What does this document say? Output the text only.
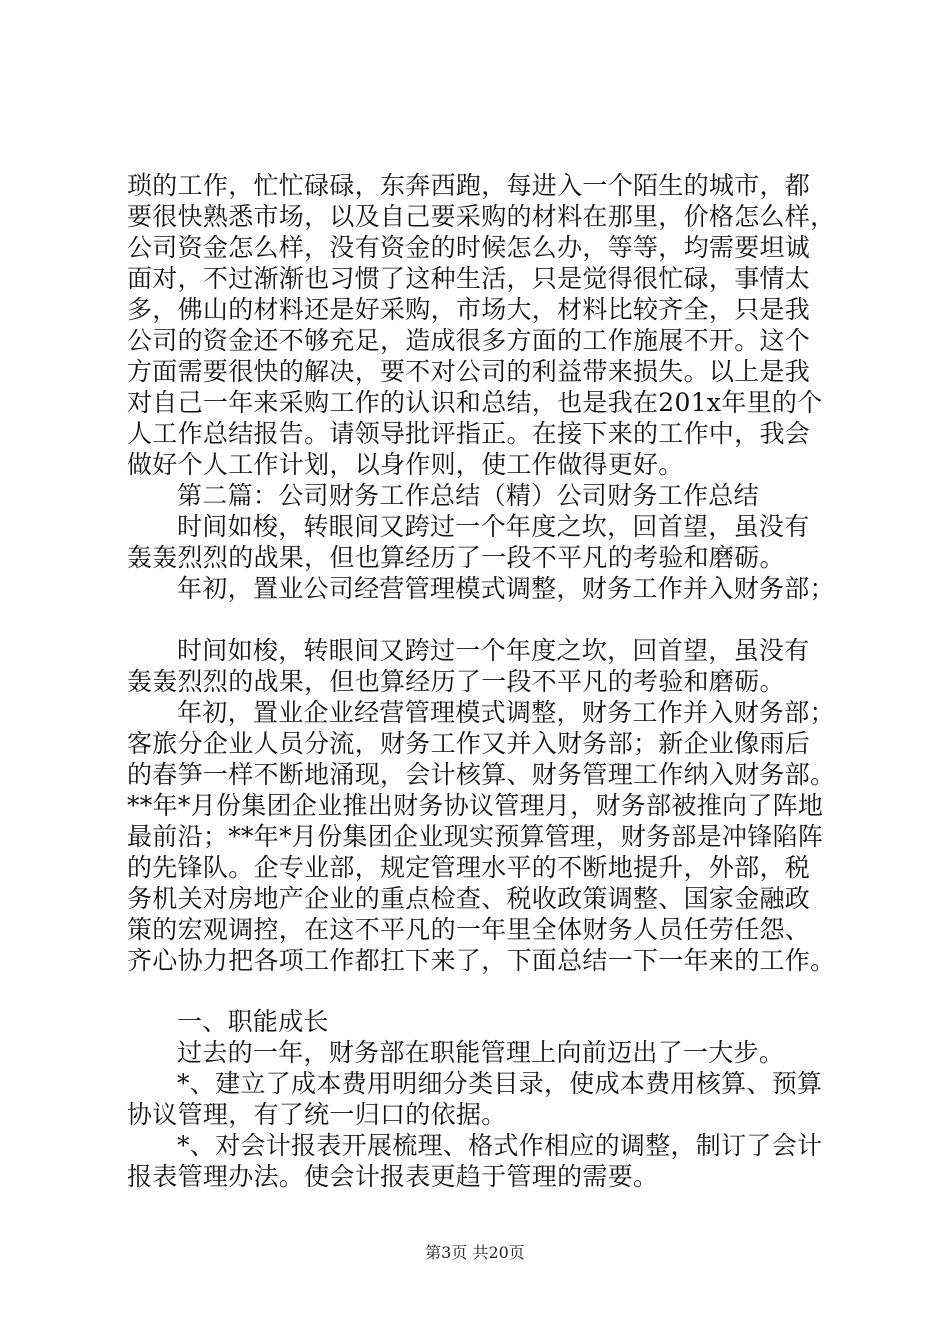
琐的工作，忙忙碌碌，东奔西跑，每进入一个陌生的城市，都
要很快熟悉市场，以及自己要采购的材料在那里，价格怎么样，
公司资金怎么样，没有资金的时候怎么办，等等，均需要坦诚
面对，不过渐渐也习惯了这种生活，只是觉得很忙碌，事情太
多，佛山的材料还是好采购，市场大，材料比较齐全，只是我
公司的资金还不够充足，造成很多方面的工作施展不开。这个
方面需要很快的解决，要不对公司的利益带来损失。以上是我
对自己一年来采购工作的认识和总结，也是我在201x年里的个
人工作总结报告。请领导批评指正。在接下来的工作中，我会
做好个人工作计划，以身作则，使工作做得更好。
第二篇：公司财务工作总结（精）公司财务工作总结
时间如梭，转眼间又跨过一个年度之坎，回首望，虽没有
轰轰烈烈的战果，但也算经历了一段不平凡的考验和磨砺。
年初，置业公司经营管理模式调整，财务工作并入财务部；
时间如梭，转眼间又跨过一个年度之坎，回首望，虽没有
轰轰烈烈的战果，但也算经历了一段不平凡的考验和磨砺。
年初，置业企业经营管理模式调整，财务工作并入财务部；
客旅分企业人员分流，财务工作又并入财务部；新企业像雨后
的春笋一样不断地涌现，会计核算、财务管理工作纳入财务部。
**年*月份集团企业推出财务协议管理月，财务部被推向了阵地
最前沿；**年*月份集团企业现实预算管理，财务部是冲锋陷阵
的先锋队。企专业部，规定管理水平的不断地提升，外部，税
务机关对房地产企业的重点检查、税收政策调整、国家金融政
策的宏观调控，在这不平凡的一年里全体财务人员任劳任怨、
齐心协力把各项工作都扛下来了，下面总结一下一年来的工作。
一、职能成长
过去的一年，财务部在职能管理上向前迈出了一大步。
*、建立了成本费用明细分类目录，使成本费用核算、预算
协议管理，有了统一归口的依据。
*、对会计报表开展梳理、格式作相应的调整，制订了会计
报表管理办法。使会计报表更趋于管理的需要。
第3页 共20页
